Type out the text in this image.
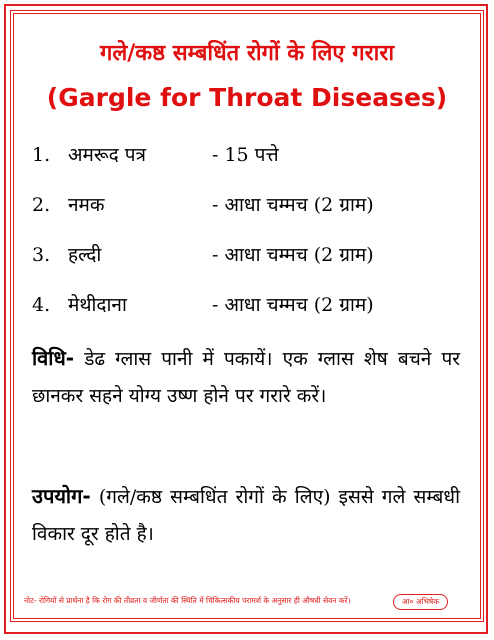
गले/कष्ठ सम्बधिंत रोगों के लिए गरारा
(Gargle for Throat Diseases)
1. अमरूद पत्र	- 15 पत्ते
2. नमक	- आधा चम्मच (2 ग्राम)
3. हल्दी	- आधा चम्मच (2 ग्राम)
4. मेथीदाना	- आधा चम्मच (2 ग्राम)
विधि- डेढ ग्लास पानी में पकायें। एक ग्लास शेष बचने पर छानकर सहने योग्य उष्ण होने पर गरारे करें।
उपयोग- (गले/कष्ठ सम्बधिंत रोगों के लिए) इससे गले सम्बधी विकार दूर होते है।
नोट- रोगियों से प्रार्थना है कि रोग की तीव्रता व जीर्णता की स्थिति में चिकित्सकीय परामर्श के अनुसार ही औषधी सेवन करें।	आ० अभिषेक
